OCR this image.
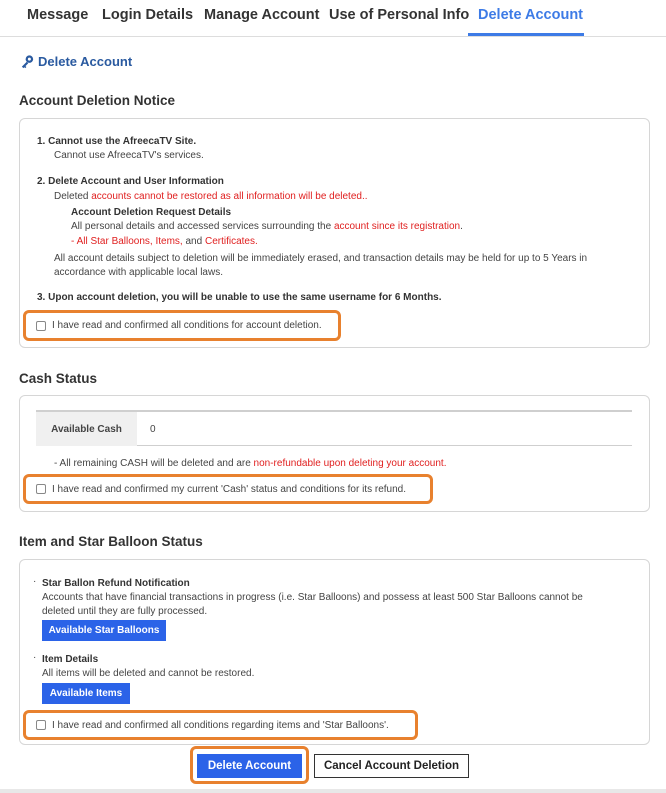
Message Login Details Manage Account Use of Personal Info Delete Account
Delete Account
Account Deletion Notice
1. Cannot use the AfreecaTV Site.
Cannot use AfreecaTV's services.
2. Delete Account and User Information
Deleted accounts cannot be restored as all information will be deleted..
Account Deletion Request Details
All personal details and accessed services surrounding the account since its registration.
- All Star Balloons, Items, and Certificates.
All account details subject to deletion will be immediately erased, and transaction details may be held for up to 5 Years in
accordance with applicable local laws.
3. Upon account deletion, you will be unable to use the same username for 6 Months.
I have read and confirmed all conditions for account deletion.
Cash Status
Available Cash	0
- All remaining CASH will be deleted and are non-refundable upon deleting your account.
I have read and confirmed my current 'Cash' status and conditions for its refund.
Item and Star Balloon Status
· Star Ballon Refund Notification
Accounts that have financial transactions in progress (i.e. Star Balloons) and possess at least 500 Star Balloons cannot be
deleted until they are fully processed.
Available Star Balloons
· Item Details
All items will be deleted and cannot be restored.
Available Items
I have read and confirmed all conditions regarding items and 'Star Balloons'.
Delete Account	Cancel Account Deletion
